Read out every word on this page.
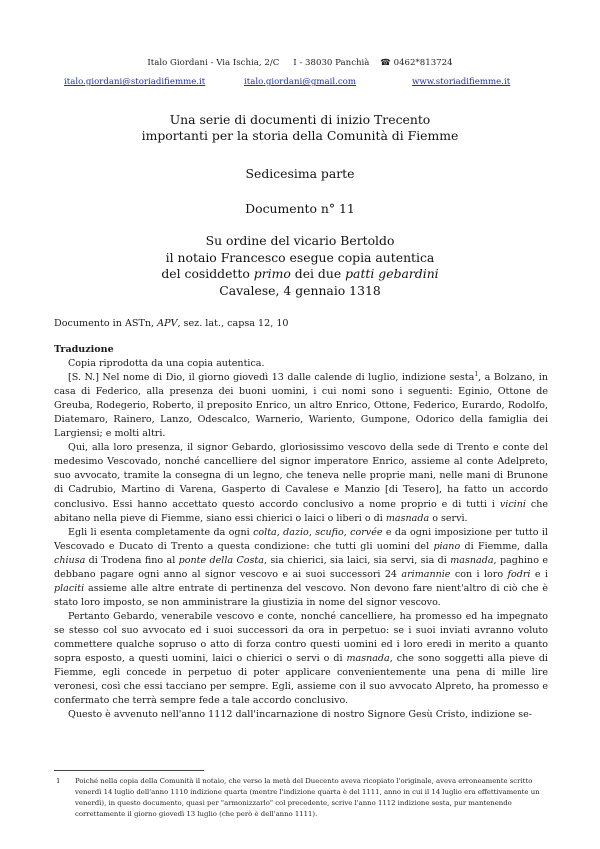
Italo Giordani - Via Ischia, 2/C I - 38030 Panchià ☎ 0462*813724
italo.giordani@storiadifiemme.it	italo.giordani@gmail.com	www.storiadifiemme.it
Una serie di documenti di inizio Trecento
importanti per la storia della Comunità di Fiemme
Sedicesima parte
Documento n° 11
Su ordine del vicario Bertoldo
il notaio Francesco esegue copia autentica
del cosiddetto primo dei due patti gebardini
Cavalese, 4 gennaio 1318
Documento in ASTn, APV, sez. lat., capsa 12, 10

Traduzione

Copia riprodotta da una copia autentica.

[S. N.] Nel nome di Dio, il giorno giovedì 13 dalle calende di luglio, indizione sesta$^1$, a Bolzano, in casa di Federico, alla presenza dei buoni uomini, i cui nomi sono i seguenti: Eginio, Ottone de Greuba, Rodegerio, Roberto, il preposito Enrico, un altro Enrico, Ottone, Federico, Eurardo, Rodolfo, Diatemaro, Rainero, Lanzo, Odescalco, Warnerio, Wariento, Gumpone, Odorico della famiglia dei Largiensi; e molti altri.

Qui, alla loro presenza, il signor Gebardo, gloriosissimo vescovo della sede di Trento e conte del medesimo Vescovado, nonché cancelliere del signor imperatore Enrico, assieme al conte Adelpreto, suo avvocato, tramite la consegna di un legno, che teneva nelle proprie mani, nelle mani di Brunone di Cadrubio, Martino di Varena, Gasperto di Cavalese e Manzio [di Tesero], ha fatto un accordo conclusivo. Essi hanno accettato questo accordo conclusivo a nome proprio e di tutti i vicini che abitano nella pieve di Fiemme, siano essi chierici o laici o liberi o di masnada o servi.

Egli li esenta completamente da ogni colta, dazio, scufio, corvée e da ogni imposizione per tutto il Vescovado e Ducato di Trento a questa condizione: che tutti gli uomini del piano di Fiemme, dalla chiusa di Trodena fino al ponte della Costa, sia chierici, sia laici, sia servi, sia di masnada, paghino e debbano pagare ogni anno al signor vescovo e ai suoi successori 24 arimannie con i loro fodri e i placiti assieme alle altre entrate di pertinenza del vescovo. Non devono fare nient'altro di ciò che è stato loro imposto, se non amministrare la giustizia in nome del signor vescovo.

Pertanto Gebardo, venerabile vescovo e conte, nonché cancelliere, ha promesso ed ha impegnato se stesso col suo avvocato ed i suoi successori da ora in perpetuo: se i suoi inviati avranno voluto commettere qualche sopruso o atto di forza contro questi uomini ed i loro eredi in merito a quanto sopra esposto, a questi uomini, laici o chierici o servi o di masnada, che sono soggetti alla pieve di Fiemme, egli concede in perpetuo di poter applicare convenientemente una pena di mille lire veronesi, così che essi tacciano per sempre. Egli, assieme con il suo avvocato Alpreto, ha promesso e confermato che terrà sempre fede a tale accordo conclusivo.

Questo è avvenuto nell'anno 1112 dall'incarnazione di nostro Signore Gesù Cristo, indizione se-

1 Poiché nella copia della Comunità il notaio, che verso la metà del Duecento aveva ricopiato l'originale, aveva erroneamente scritto venerdì 14 luglio dell'anno 1110 indizione quarta (mentre l'indizione quarta è del 1111, anno in cui il 14 luglio era effettivamente un venerdì), in questo documento, quasi per "armonizzarlo" col precedente, scrive l'anno 1112 indizione sesta, pur mantenendo correttamente il giorno giovedì 13 luglio (che però è dell'anno 1111).
